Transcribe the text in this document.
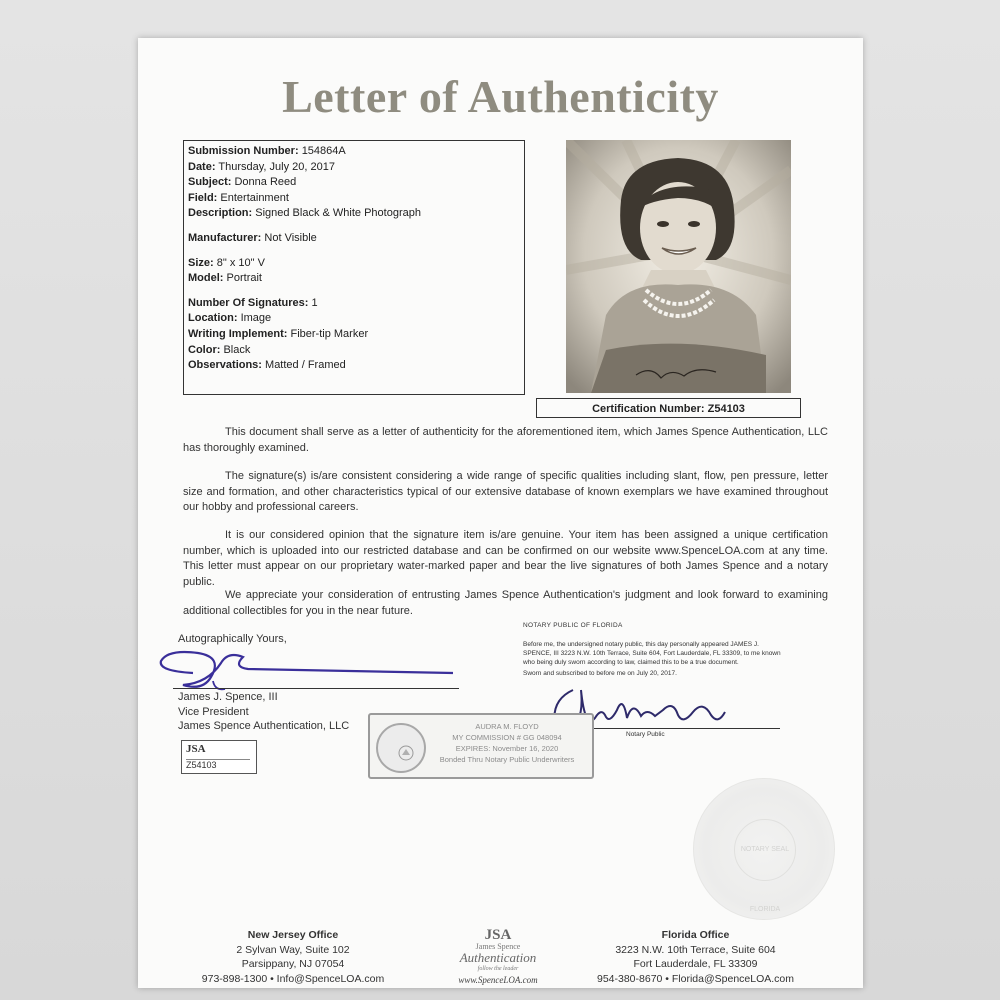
Letter of Authenticity
Submission Number: 154864A
Date: Thursday, July 20, 2017
Subject: Donna Reed
Field: Entertainment
Description: Signed Black & White Photograph
Manufacturer: Not Visible
Size: 8" x 10" V
Model: Portrait
Number Of Signatures: 1
Location: Image
Writing Implement: Fiber-tip Marker
Color: Black
Observations: Matted / Framed
Certification Number: Z54103

This document shall serve as a letter of authenticity for the aforementioned item, which James Spence Authentication, LLC has thoroughly examined.

The signature(s) is/are consistent considering a wide range of specific qualities including slant, flow, pen pressure, letter size and formation, and other characteristics typical of our extensive database of known exemplars we have examined throughout our hobby and professional careers.

It is our considered opinion that the signature item is/are genuine. Your item has been assigned a unique certification number, which is uploaded into our restricted database and can be confirmed on our website www.SpenceLOA.com at any time. This letter must appear on our proprietary water-marked paper and bear the live signatures of both James Spence and a notary public.

We appreciate your consideration of entrusting James Spence Authentication's judgment and look forward to examining additional collectibles for you in the near future.

Autographically Yours,
James J. Spence, III
Vice President
James Spence Authentication, LLC
JSA
Z54103
NOTARY PUBLIC OF FLORIDA
Before me, the undersigned notary public, this day personally appeared JAMES J. SPENCE, III 3223 N.W. 10th Terrace, Suite 604, Fort Lauderdale, FL 33309, to me known who being duly sworn according to law, claimed this to be a true document.
Sworn and subscribed to before me on July 20, 2017.
Notary Public
AUDRA M. FLOYD
MY COMMISSION # GG 048094
EXPIRES: November 16, 2020
Bonded Thru Notary Public Underwriters
NOTARY SEAL FLORIDA
New Jersey Office
2 Sylvan Way, Suite 102
Parsippany, NJ 07054
973-898-1300 • Info@SpenceLOA.com
JSA
James Spence
Authentication
follow the leader
www.SpenceLOA.com
Florida Office
3223 N.W. 10th Terrace, Suite 604
Fort Lauderdale, FL 33309
954-380-8670 • Florida@SpenceLOA.com
